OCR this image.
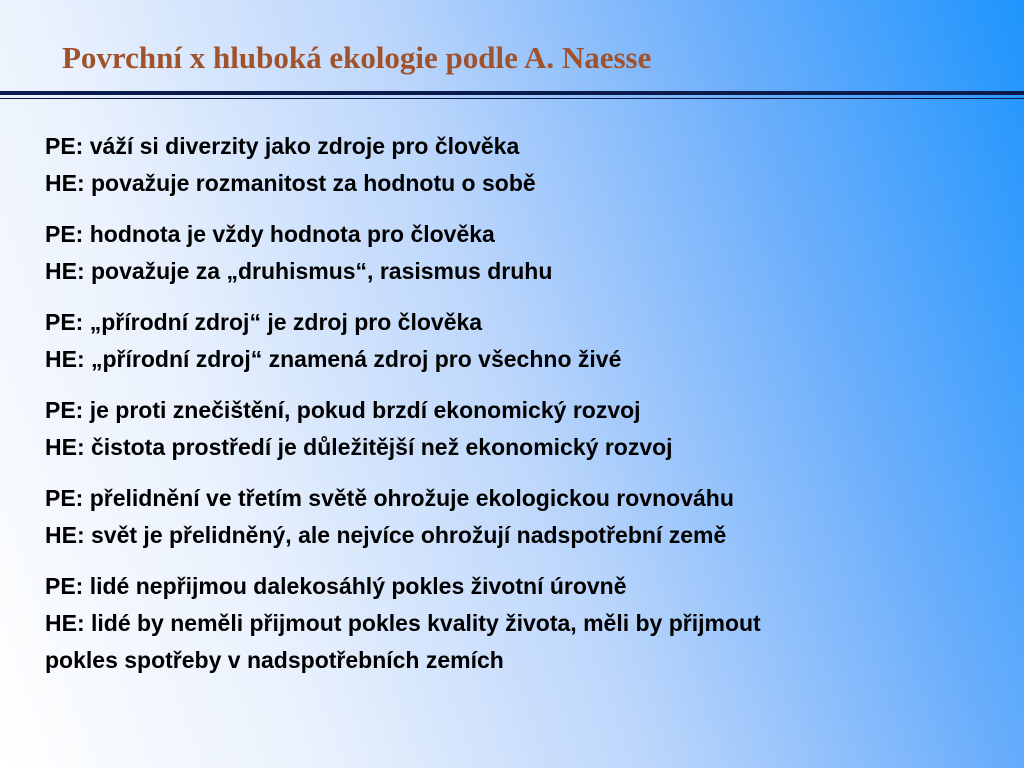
Povrchní x hluboká ekologie podle A. Naesse
PE: váží si diverzity jako zdroje pro člověka
HE: považuje rozmanitost za hodnotu o sobě
PE: hodnota je vždy hodnota pro člověka
HE: považuje za „druhismus“, rasismus druhu
PE: „přírodní zdroj“ je zdroj pro člověka
HE: „přírodní zdroj“ znamená zdroj pro všechno živé
PE: je proti znečištění, pokud brzdí ekonomický rozvoj
HE: čistota prostředí je důležitější než ekonomický rozvoj
PE: přelidnění ve třetím světě ohrožuje ekologickou rovnováhu
HE: svět je přelidněný, ale nejvíce ohrožují nadspotřební země
PE: lidé nepřijmou dalekosáhlý pokles životní úrovně
HE: lidé by neměli přijmout pokles kvality života, měli by přijmout
pokles spotřeby v nadspotřebních zemích
